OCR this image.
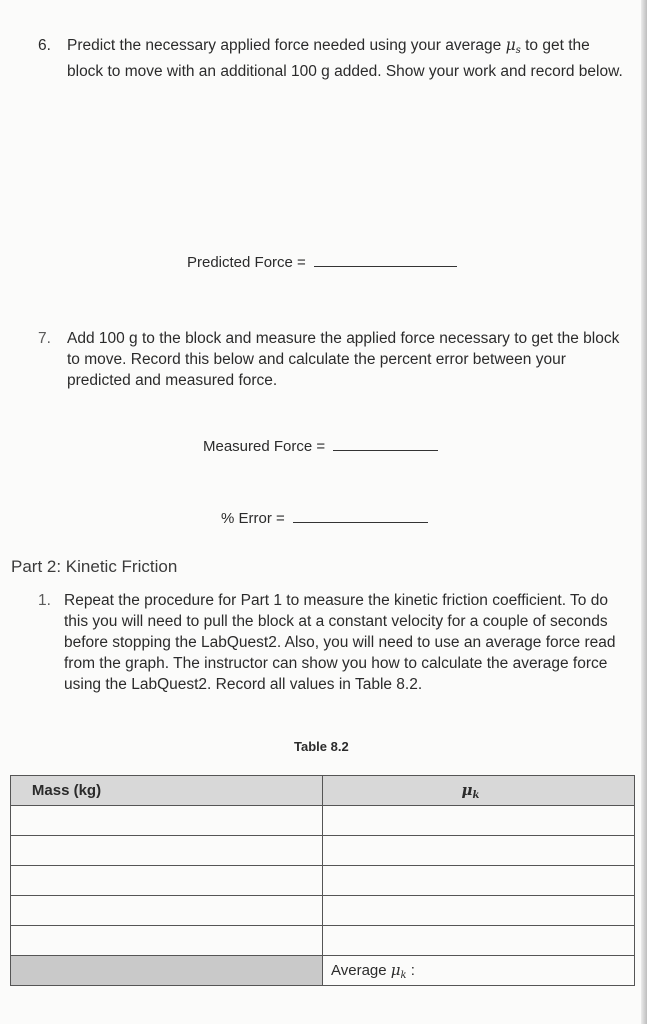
6.	Predict the necessary applied force needed using your average $\mu_s$ to get the block to move with an additional 100 g added. Show your work and record below.
Predicted Force =
7.	Add 100 g to the block and measure the applied force necessary to get the block to move. Record this below and calculate the percent error between your predicted and measured force.
Measured Force =
% Error =
Part 2: Kinetic Friction
1. Repeat the procedure for Part 1 to measure the kinetic friction coefficient. To do this you will need to pull the block at a constant velocity for a couple of seconds before stopping the LabQuest2. Also, you will need to use an average force read from the graph. The instructor can show you how to calculate the average force using the LabQuest2. Record all values in Table 8.2.
Table 8.2
Mass (kg)	$\mu_k$

	Average $\mu_k$ :
